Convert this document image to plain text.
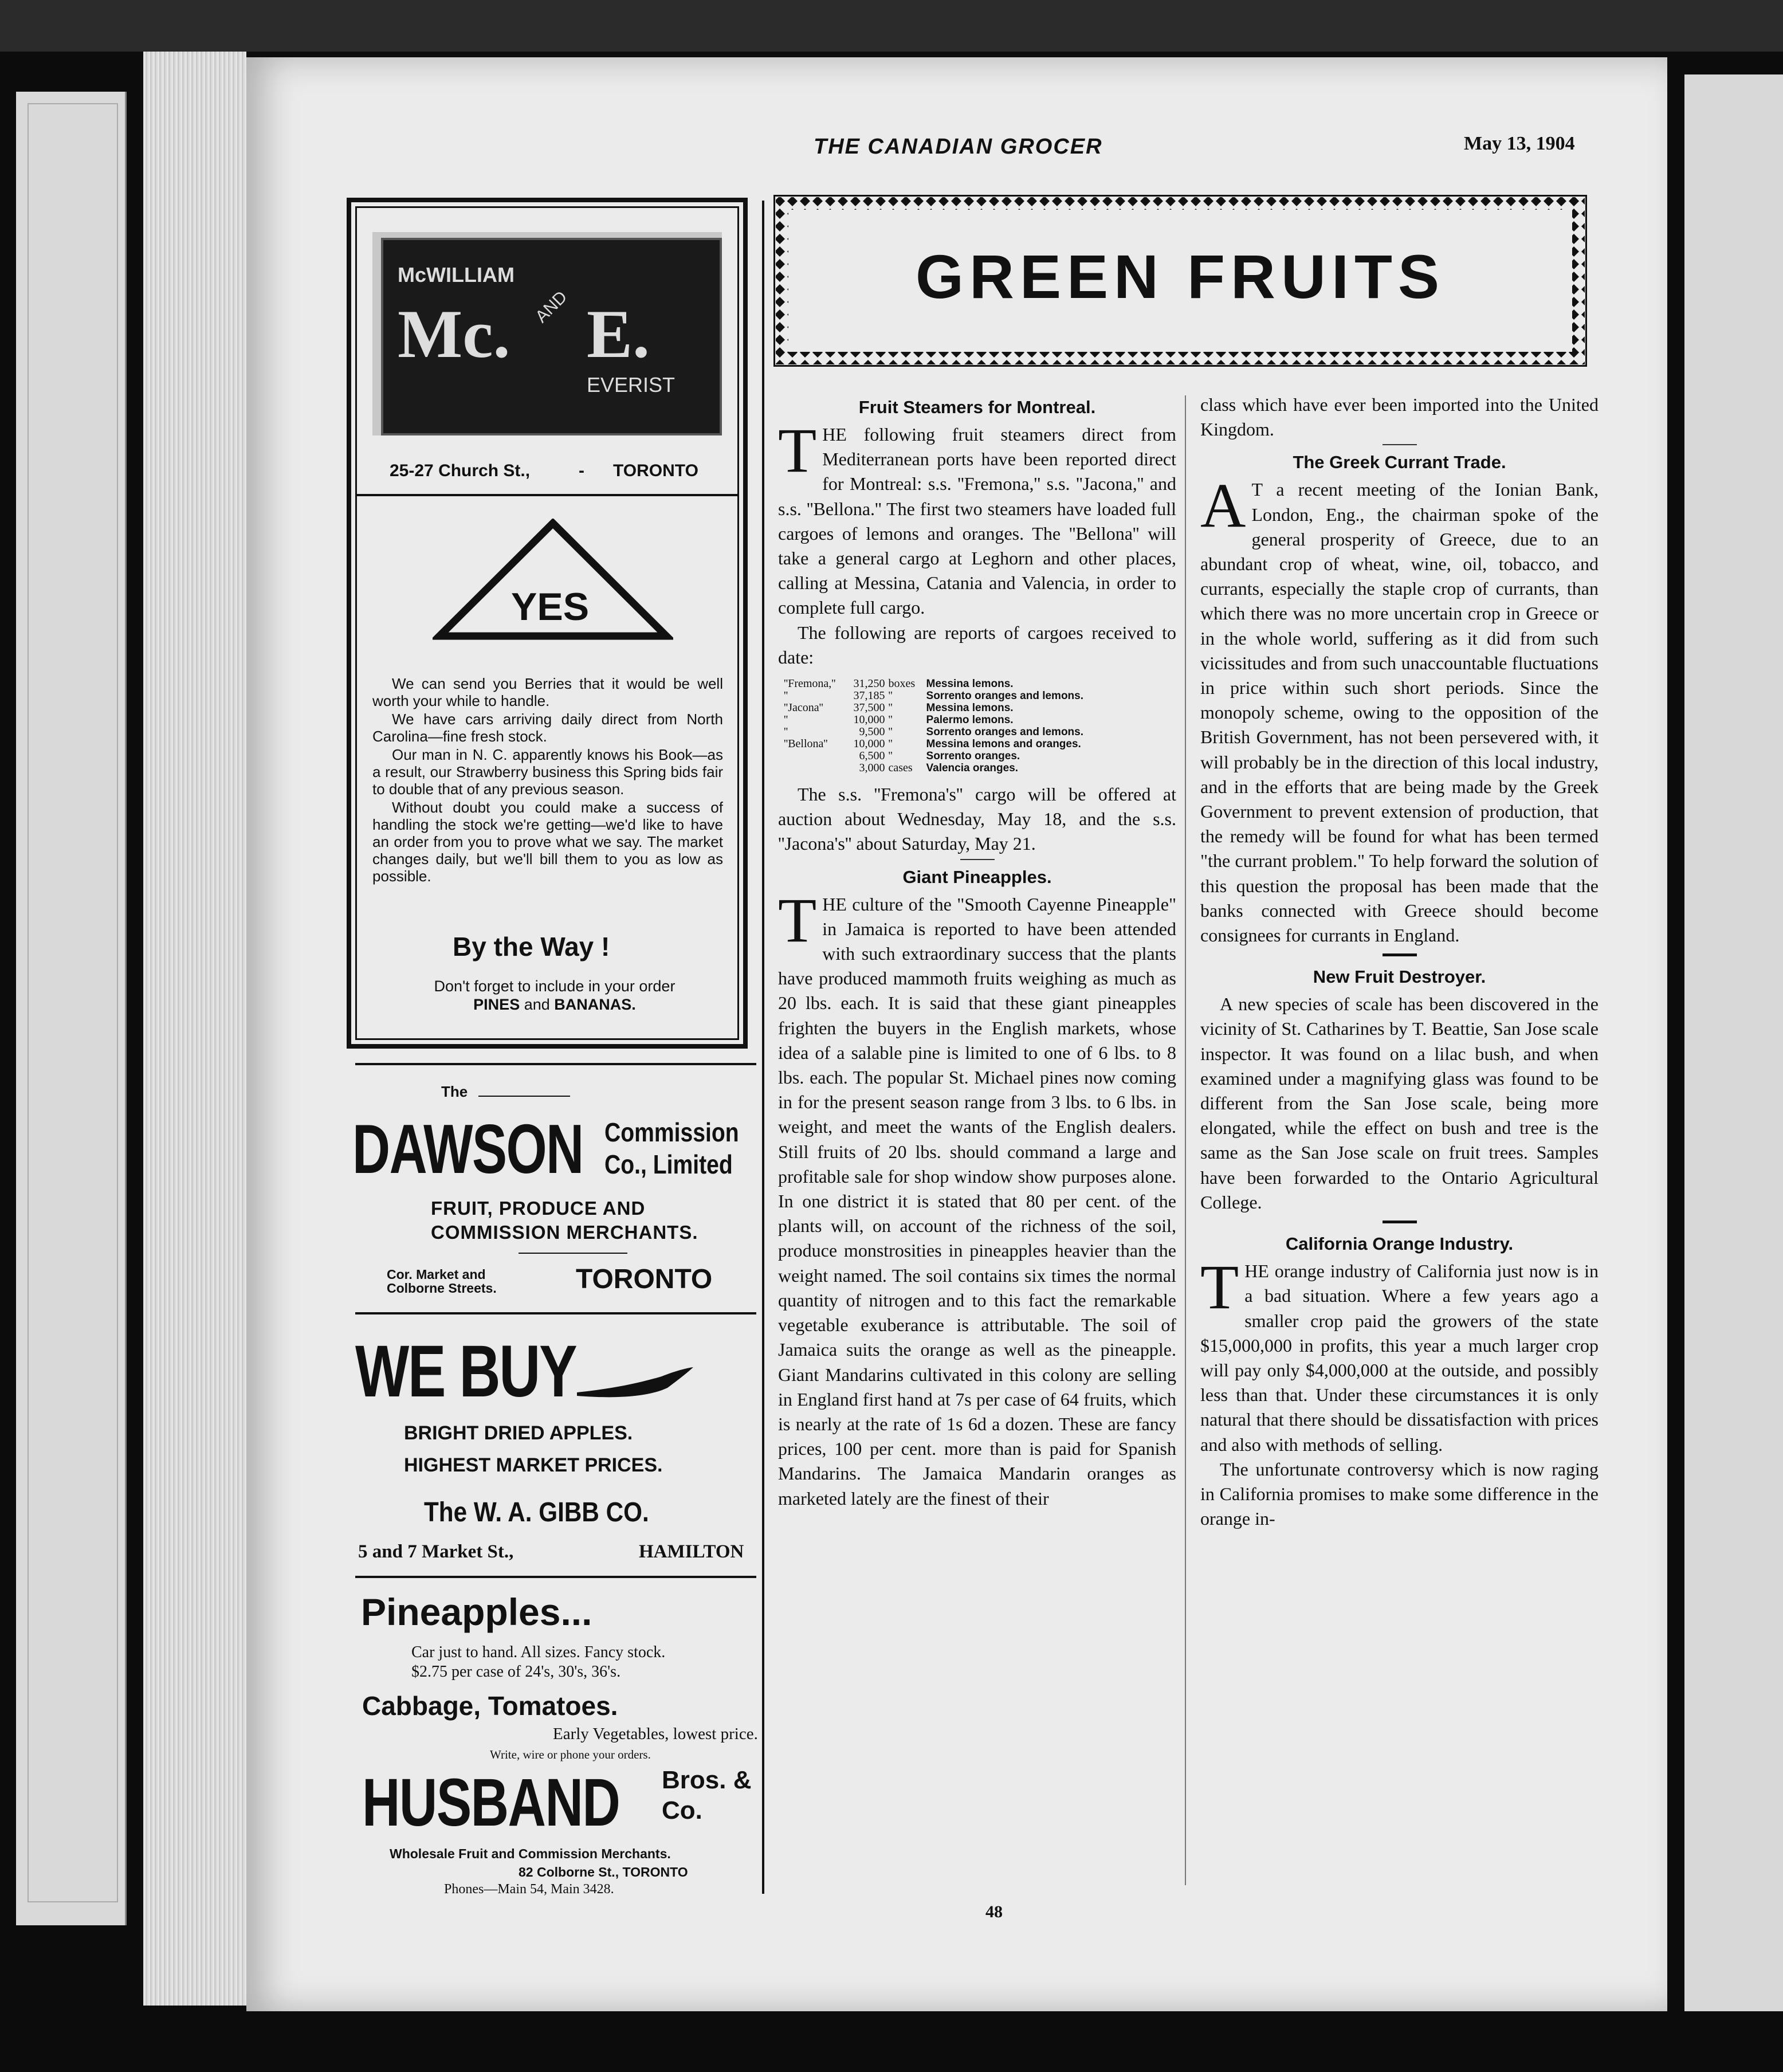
THE CANADIAN GROCER	May 13, 1904
McWILLIAM
Mc. AND E.
EVERIST
25-27 Church St.,	- TORONTO
YES

We can send you Berries that it would be well worth your while to handle.

We have cars arriving daily direct from North Carolina—fine fresh stock.

Our man in N. C. apparently knows his Book—as a result, our Strawberry business this Spring bids fair to double that of any previous season.

Without doubt you could make a success of handling the stock we're getting—we'd like to have an order from you to prove what we say. The market changes daily, but we'll bill them to you as low as possible.

By the Way !
Don't forget to include in your order
PINES and BANANAS.
The
DAWSON Commission
Co., Limited
FRUIT, PRODUCE AND
COMMISSION MERCHANTS.
Cor. Market and
Colborne Streets.	TORONTO
WE BUY
BRIGHT DRIED APPLES.
HIGHEST MARKET PRICES.
The W. A. GIBB CO.
5 and 7 Market St.,	HAMILTON
Pineapples...
Car just to hand. All sizes. Fancy stock.
$2.75 per case of 24's, 30's, 36's.
Cabbage, Tomatoes.
Early Vegetables, lowest price.
Write, wire or phone your orders.
HUSBAND Bros. &
Co.
Wholesale Fruit and Commission Merchants.
82 Colborne St., TORONTO
Phones—Main 54, Main 3428.
GREEN FRUITS
Fruit Steamers for Montreal.

THE following fruit steamers direct from Mediterranean ports have been reported direct for Montreal: s.s. ''Fremona,'' s.s. ''Jacona,'' and s.s. ''Bellona.'' The first two steamers have loaded full cargoes of lemons and oranges. The ''Bellona'' will take a general cargo at Leghorn and other places, calling at Messina, Catania and Valencia, in order to complete full cargo.

The following are reports of cargoes received to date:

''Fremona,''	31,250	boxes	Messina lemons.
''	37,185	''	Sorrento oranges and lemons.
''Jacona''	37,500	''	Messina lemons.
''	10,000	''	Palermo lemons.
''	9,500	''	Sorrento oranges and lemons.
''Bellona''	10,000	''	Messina lemons and oranges.
	6,500	''	Sorrento oranges.
	3,000	cases	Valencia oranges.

The s.s. ''Fremona's'' cargo will be offered at auction about Wednesday, May 18, and the s.s. ''Jacona's'' about Saturday, May 21.

Giant Pineapples.

THE culture of the "Smooth Cayenne Pineapple" in Jamaica is reported to have been attended with such extraordinary success that the plants have produced mammoth fruits weighing as much as 20 lbs. each. It is said that these giant pineapples frighten the buyers in the English markets, whose idea of a salable pine is limited to one of 6 lbs. to 8 lbs. each. The popular St. Michael pines now coming in for the present season range from 3 lbs. to 6 lbs. in weight, and meet the wants of the English dealers. Still fruits of 20 lbs. should command a large and profitable sale for shop window show purposes alone. In one district it is stated that 80 per cent. of the plants will, on account of the richness of the soil, produce monstrosities in pineapples heavier than the weight named. The soil contains six times the normal quantity of nitrogen and to this fact the remarkable vegetable exuberance is attributable. The soil of Jamaica suits the orange as well as the pineapple. Giant Mandarins cultivated in this colony are selling in England first hand at 7s per case of 64 fruits, which is nearly at the rate of 1s 6d a dozen. These are fancy prices, 100 per cent. more than is paid for Spanish Mandarins. The Jamaica Mandarin oranges as marketed lately are the finest of their

class which have ever been imported into the United Kingdom.

The Greek Currant Trade.

A T a recent meeting of the Ionian Bank, London, Eng., the chairman spoke of the general prosperity of Greece, due to an abundant crop of wheat, wine, oil, tobacco, and currants, especially the staple crop of currants, than which there was no more uncertain crop in Greece or in the whole world, suffering as it did from such vicissitudes and from such unaccountable fluctuations in price within such short periods. Since the monopoly scheme, owing to the opposition of the British Government, has not been persevered with, it will probably be in the direction of this local industry, and in the efforts that are being made by the Greek Government to prevent extension of production, that the remedy will be found for what has been termed "the currant problem." To help forward the solution of this question the proposal has been made that the banks connected with Greece should become consignees for currants in England.

New Fruit Destroyer.

A new species of scale has been discovered in the vicinity of St. Catharines by T. Beattie, San Jose scale inspector. It was found on a lilac bush, and when examined under a magnifying glass was found to be different from the San Jose scale, being more elongated, while the effect on bush and tree is the same as the San Jose scale on fruit trees. Samples have been forwarded to the Ontario Agricultural College.

California Orange Industry.

THE orange industry of California just now is in a bad situation. Where a few years ago a smaller crop paid the growers of the state $15,000,000 in profits, this year a much larger crop will pay only $4,000,000 at the outside, and possibly less than that. Under these circumstances it is only natural that there should be dissatisfaction with prices and also with methods of selling.

The unfortunate controversy which is now raging in California promises to make some difference in the orange in-

48
